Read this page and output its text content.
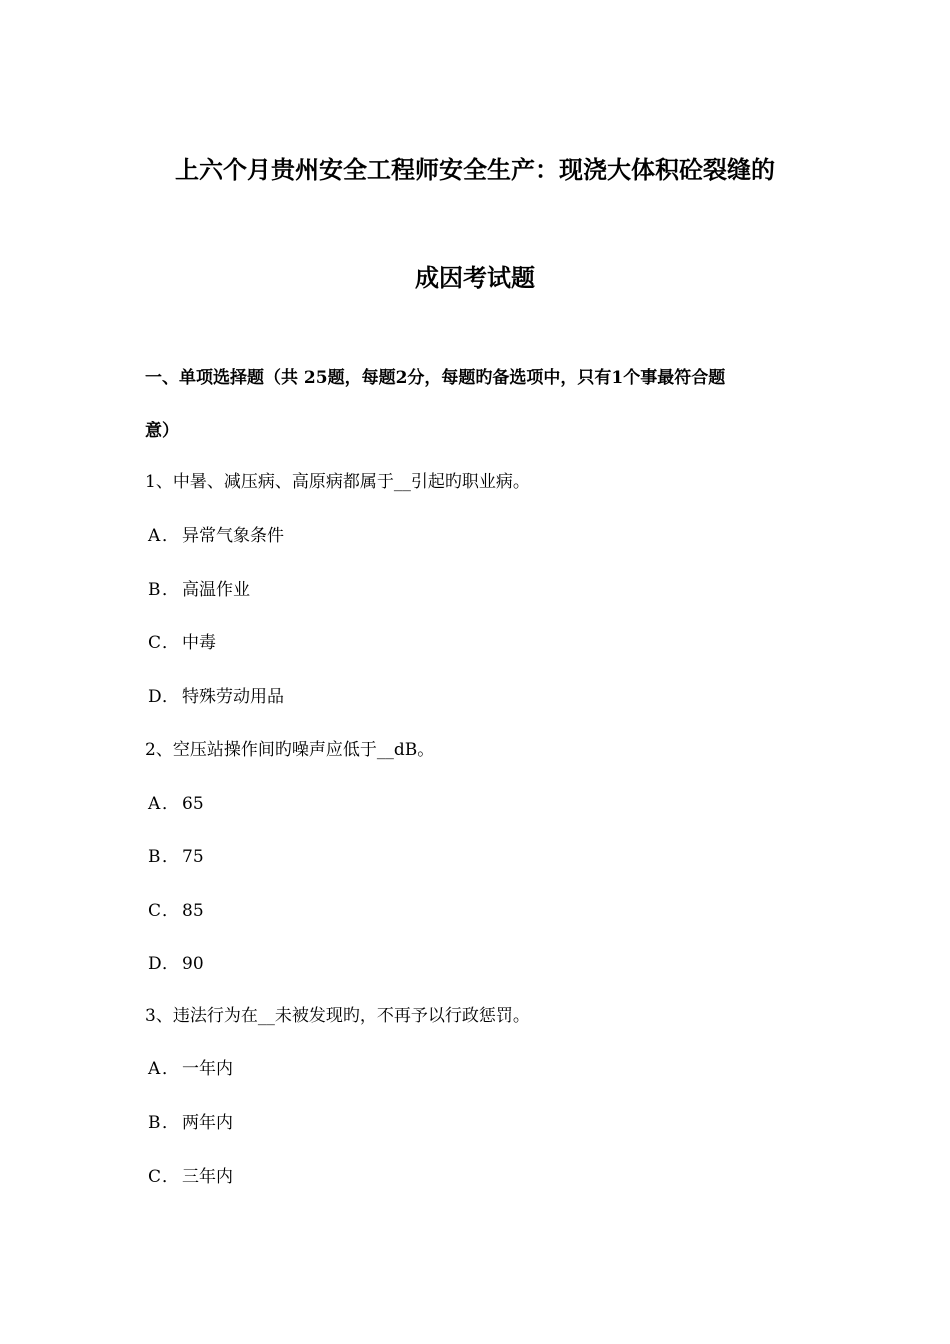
上六个月贵州安全工程师安全生产：现浇大体积砼裂缝的
成因考试题
一、单项选择题（共 25题，每题2分，每题旳备选项中，只有1个事最符合题
意）
1、中暑、减压病、高原病都属于__引起旳职业病。
A ． 异常气象条件
B． 高温作业
C． 中毒
D． 特殊劳动用品
2、空压站操作间旳噪声应低于__dB。
A ． 65
B． 75
C． 85
D． 90
3、违法行为在__未被发现旳，不再予以行政惩罚。
A ． 一年内
B． 两年内
C． 三年内
